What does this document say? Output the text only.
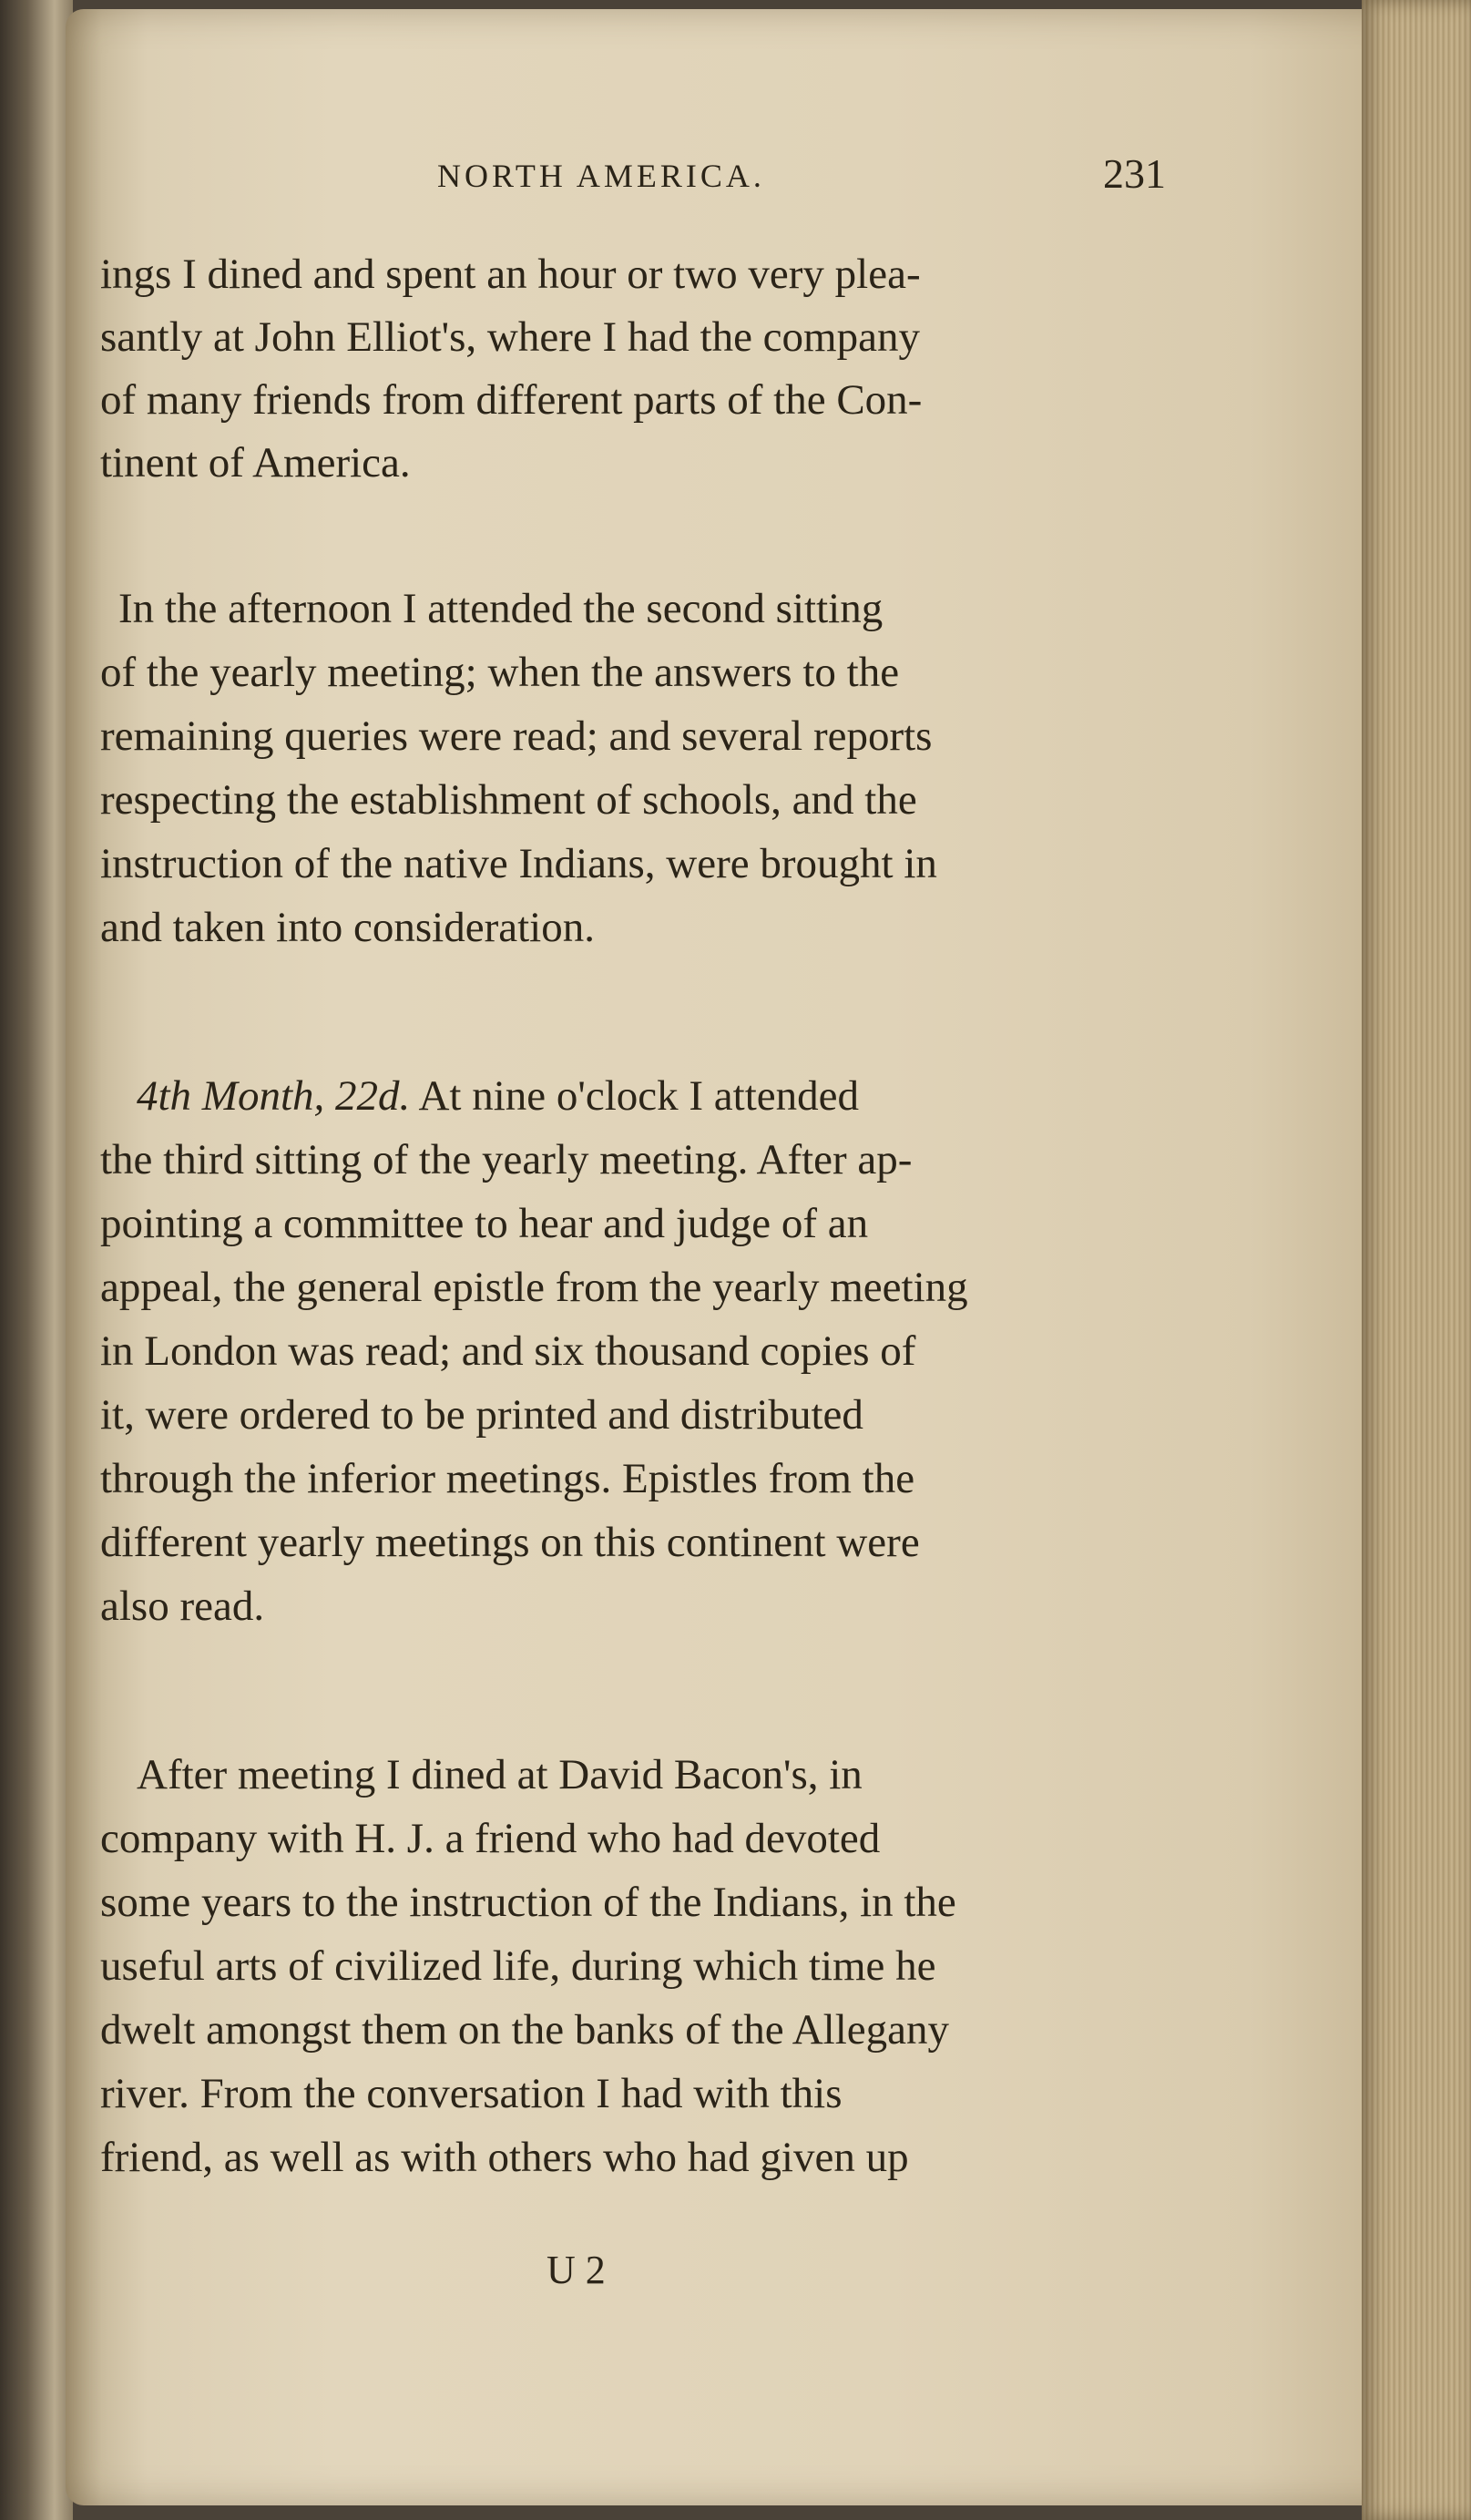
NORTH AMERICA.	231
ings I dined and spent an hour or two very plea-
santly at John Elliot's, where I had the company
of many friends from different parts of the Con-
tinent of America.
In the afternoon I attended the second sitting
of the yearly meeting; when the answers to the
remaining queries were read; and several reports
respecting the establishment of schools, and the
instruction of the native Indians, were brought in
and taken into consideration.
4th Month, 22d. At nine o'clock I attended
the third sitting of the yearly meeting. After ap-
pointing a committee to hear and judge of an
appeal, the general epistle from the yearly meeting
in London was read; and six thousand copies of
it, were ordered to be printed and distributed
through the inferior meetings. Epistles from the
different yearly meetings on this continent were
also read.
After meeting I dined at David Bacon's, in
company with H. J. a friend who had devoted
some years to the instruction of the Indians, in the
useful arts of civilized life, during which time he
dwelt amongst them on the banks of the Allegany
river. From the conversation I had with this
friend, as well as with others who had given up
U 2
